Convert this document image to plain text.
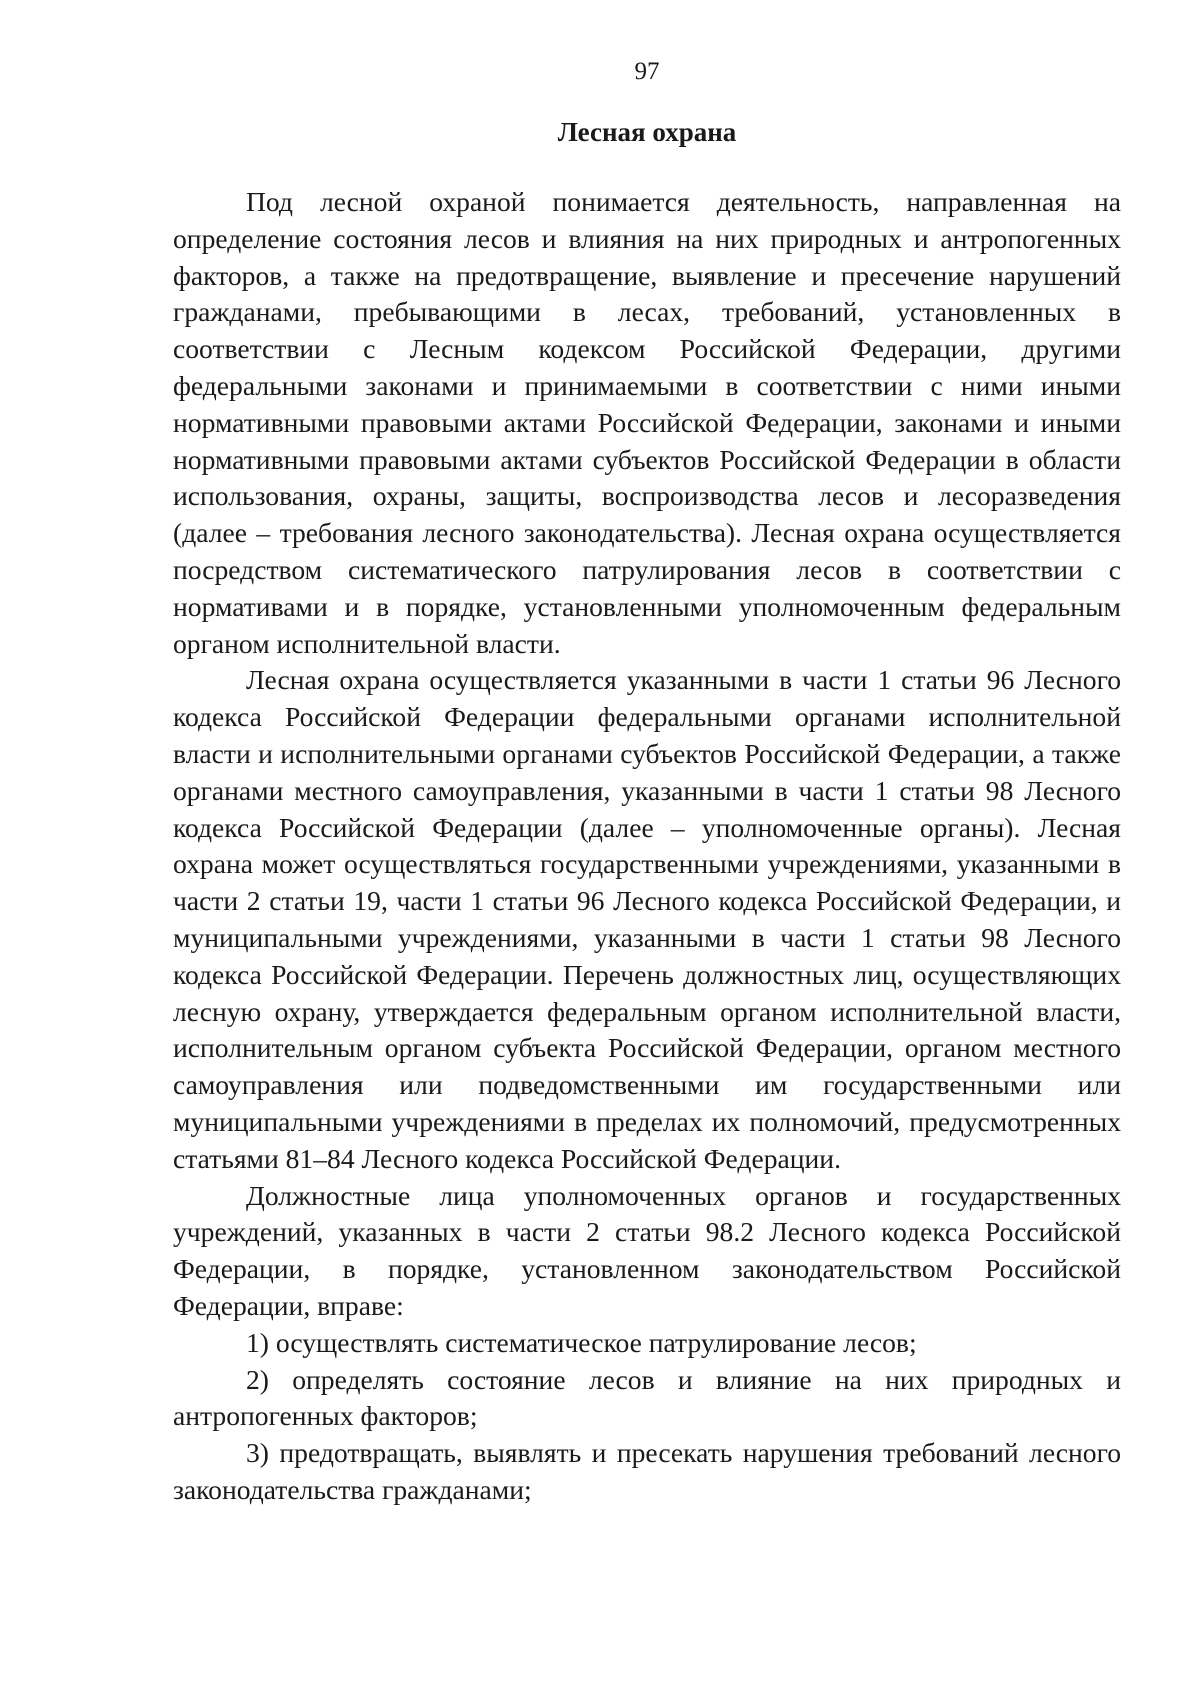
97
Лесная охрана

Под лесной охраной понимается деятельность, направленная на определение состояния лесов и влияния на них природных и антропогенных факторов, а также на предотвращение, выявление и пресечение нарушений гражданами, пребывающими в лесах, требований, установленных в соответствии с Лесным кодексом Российской Федерации, другими федеральными законами и принимаемыми в соответствии с ними иными нормативными правовыми актами Российской Федерации, законами и иными нормативными правовыми актами субъектов Российской Федерации в области использования, охраны, защиты, воспроизводства лесов и лесоразведения (далее – требования лесного законодательства). Лесная охрана осуществляется посредством систематического патрулирования лесов в соответствии с нормативами и в порядке, установленными уполномоченным федеральным органом исполнительной власти.

Лесная охрана осуществляется указанными в части 1 статьи 96 Лесного кодекса Российской Федерации федеральными органами исполнительной власти и исполнительными органами субъектов Российской Федерации, а также органами местного самоуправления, указанными в части 1 статьи 98 Лесного кодекса Российской Федерации (далее – уполномоченные органы). Лесная охрана может осуществляться государственными учреждениями, указанными в части 2 статьи 19, части 1 статьи 96 Лесного кодекса Российской Федерации, и муниципальными учреждениями, указанными в части 1 статьи 98 Лесного кодекса Российской Федерации. Перечень должностных лиц, осуществляющих лесную охрану, утверждается федеральным органом исполнительной власти, исполнительным органом субъекта Российской Федерации, органом местного самоуправления или подведомственными им государственными или муниципальными учреждениями в пределах их полномочий, предусмотренных статьями 81–84 Лесного кодекса Российской Федерации.

Должностные лица уполномоченных органов и государственных учреждений, указанных в части 2 статьи 98.2 Лесного кодекса Российской Федерации, в порядке, установленном законодательством Российской Федерации, вправе:

1) осуществлять систематическое патрулирование лесов;

2) определять состояние лесов и влияние на них природных и антропогенных факторов;

3) предотвращать, выявлять и пресекать нарушения требований лесного законодательства гражданами;
